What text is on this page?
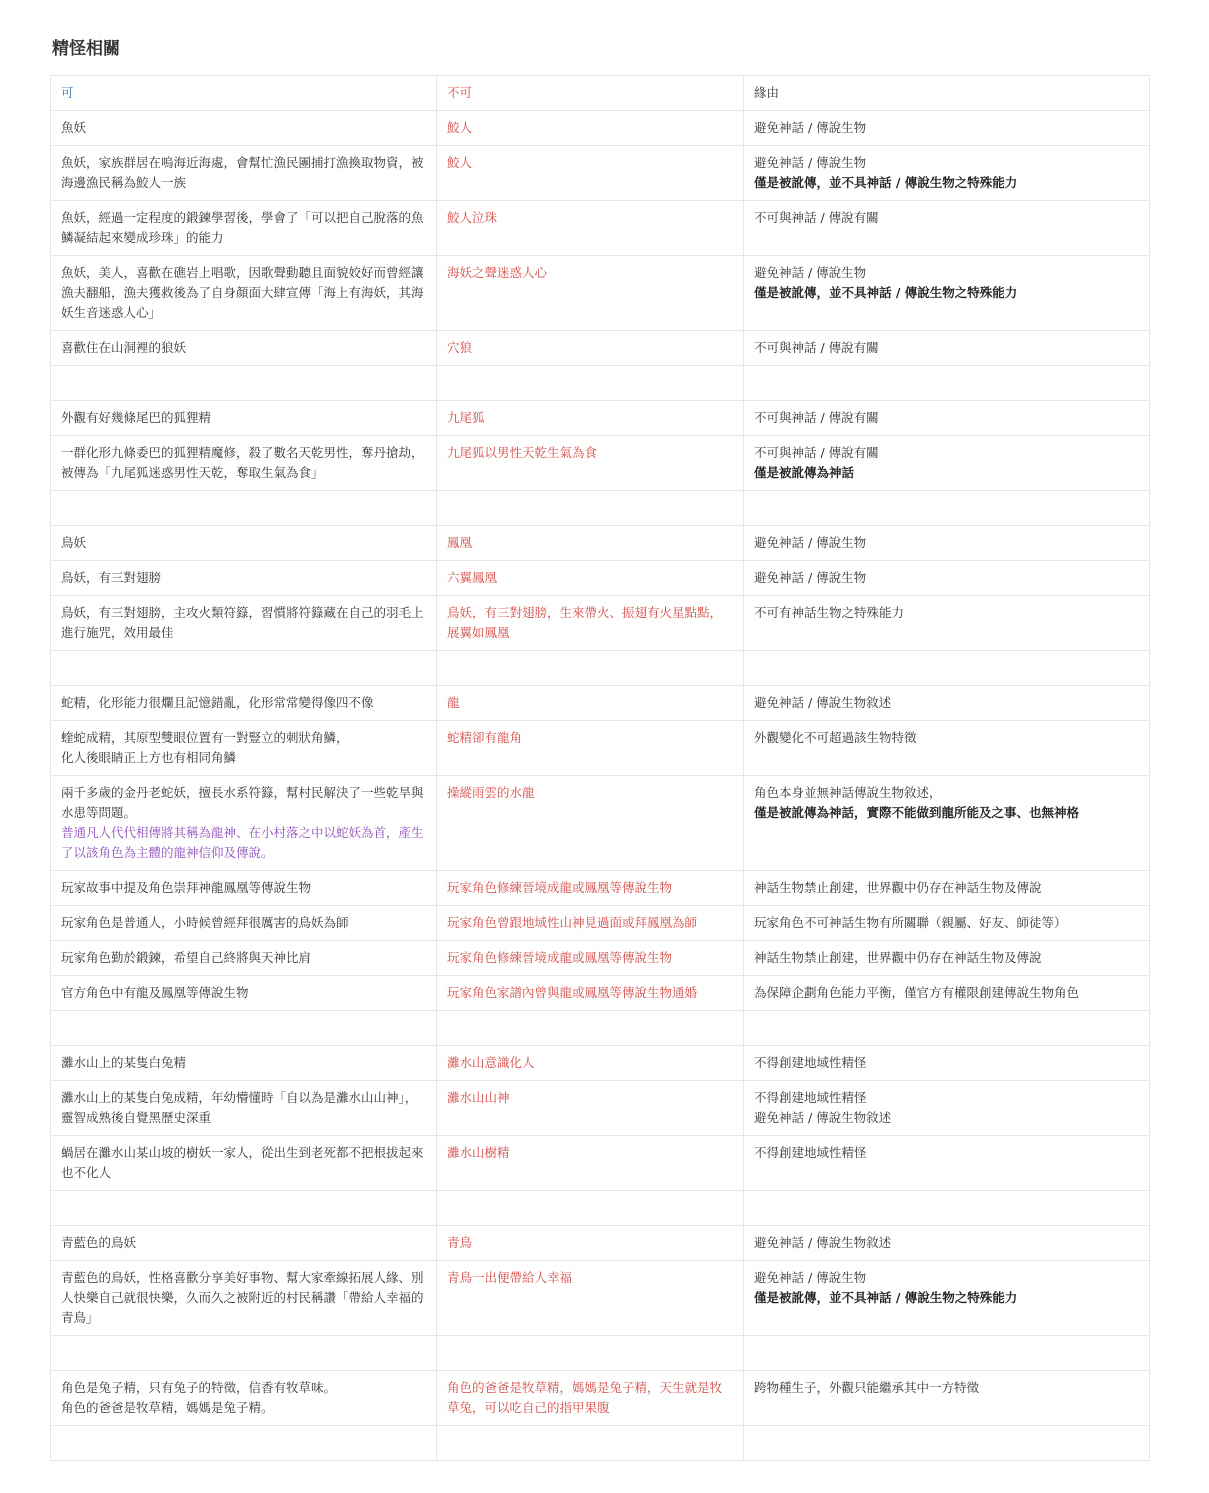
精怪相關
可	不可	緣由

魚妖	鮫人	避免神話 / 傳說生物

魚妖，家族群居在嗚海近海處，會幫忙漁民團捕打漁換取物資，被海邊漁民稱為鮫人一族	鮫人	避免神話 / 傳說生物
僅是被訛傳，並不具神話 / 傳說生物之特殊能力

魚妖，經過一定程度的鍛鍊學習後，學會了「可以把自己脫落的魚鱗凝結起來變成珍珠」的能力	鮫人泣珠	不可與神話 / 傳說有關

魚妖，美人，喜歡在礁岩上唱歌，因歌聲動聽且面貌姣好而曾經讓漁夫翻船，漁夫獲救後為了自身顏面大肆宣傳「海上有海妖，其海妖生音迷惑人心」	海妖之聲迷惑人心	避免神話 / 傳說生物
僅是被訛傳，並不具神話 / 傳說生物之特殊能力

喜歡住在山洞裡的狼妖	穴狼	不可與神話 / 傳說有關

外觀有好幾條尾巴的狐狸精	九尾狐	不可與神話 / 傳說有關

一群化形九條委巴的狐狸精魔修，殺了數名天乾男性，奪丹搶劫，被傳為「九尾狐迷惑男性天乾，奪取生氣為食」	九尾狐以男性天乾生氣為食	不可與神話 / 傳說有關
僅是被訛傳為神話

鳥妖	鳳凰	避免神話 / 傳說生物

鳥妖，有三對翅膀	六翼鳳凰	避免神話 / 傳說生物

鳥妖，有三對翅膀，主攻火類符籙，習慣將符籙藏在自己的羽毛上進行施咒，效用最佳	鳥妖，有三對翅膀，生來帶火、振翅有火星點點，展翼如鳳凰	不可有神話生物之特殊能力

蛇精，化形能力很爛且記憶錯亂，化形常常變得像四不像	龍	避免神話 / 傳說生物敘述

蝰蛇成精，其原型雙眼位置有一對豎立的刺狀角鱗，
化人後眼睛正上方也有相同角鱗	蛇精卻有龍角	外觀變化不可超過該生物特徵

兩千多歲的金丹老蛇妖，擅長水系符籙，幫村民解決了一些乾旱與水患等問題。
普通凡人代代相傳將其稱為龍神、在小村落之中以蛇妖為首，產生了以該角色為主體的龍神信仰及傳說。	操縱雨雲的水龍	角色本身並無神話傳說生物敘述，
僅是被訛傳為神話，實際不能做到龍所能及之事、也無神格

玩家故事中提及角色崇拜神龍鳳凰等傳說生物	玩家角色修練晉境成龍或鳳凰等傳說生物	神話生物禁止創建，世界觀中仍存在神話生物及傳說

玩家角色是普通人，小時候曾經拜很厲害的鳥妖為師	玩家角色曾跟地域性山神見過面或拜鳳凰為師	玩家角色不可神話生物有所關聯（親屬、好友、師徒等）

玩家角色勤於鍛鍊，希望自己終將與天神比肩	玩家角色修練晉境成龍或鳳凰等傳說生物	神話生物禁止創建，世界觀中仍存在神話生物及傳說

官方角色中有龍及鳳凰等傳說生物	玩家角色家譜內曾與龍或鳳凰等傳說生物通婚	為保障企劃角色能力平衡，僅官方有權限創建傳說生物角色

灘水山上的某隻白兔精	灘水山意識化人	不得創建地域性精怪

灘水山上的某隻白兔成精，年幼懵懂時「自以為是灘水山山神」，靈智成熟後自覺黑歷史深重	灘水山山神	不得創建地域性精怪
避免神話 / 傳說生物敘述

蝸居在灘水山某山坡的樹妖一家人，從出生到老死都不把根拔起來也不化人	灘水山樹精	不得創建地域性精怪

青藍色的鳥妖	青鳥	避免神話 / 傳說生物敘述

青藍色的鳥妖，性格喜歡分享美好事物、幫大家牽線拓展人緣、別人快樂自己就很快樂，久而久之被附近的村民稱讚「帶給人幸福的青鳥」	青鳥一出便帶給人幸福	避免神話 / 傳說生物
僅是被訛傳，並不具神話 / 傳說生物之特殊能力

角色是兔子精，只有兔子的特徵，信香有牧草味。
角色的爸爸是牧草精，媽媽是兔子精。	角色的爸爸是牧草精，媽媽是兔子精，天生就是牧草兔，可以吃自己的指甲果腹	跨物種生子，外觀只能繼承其中一方特徵
